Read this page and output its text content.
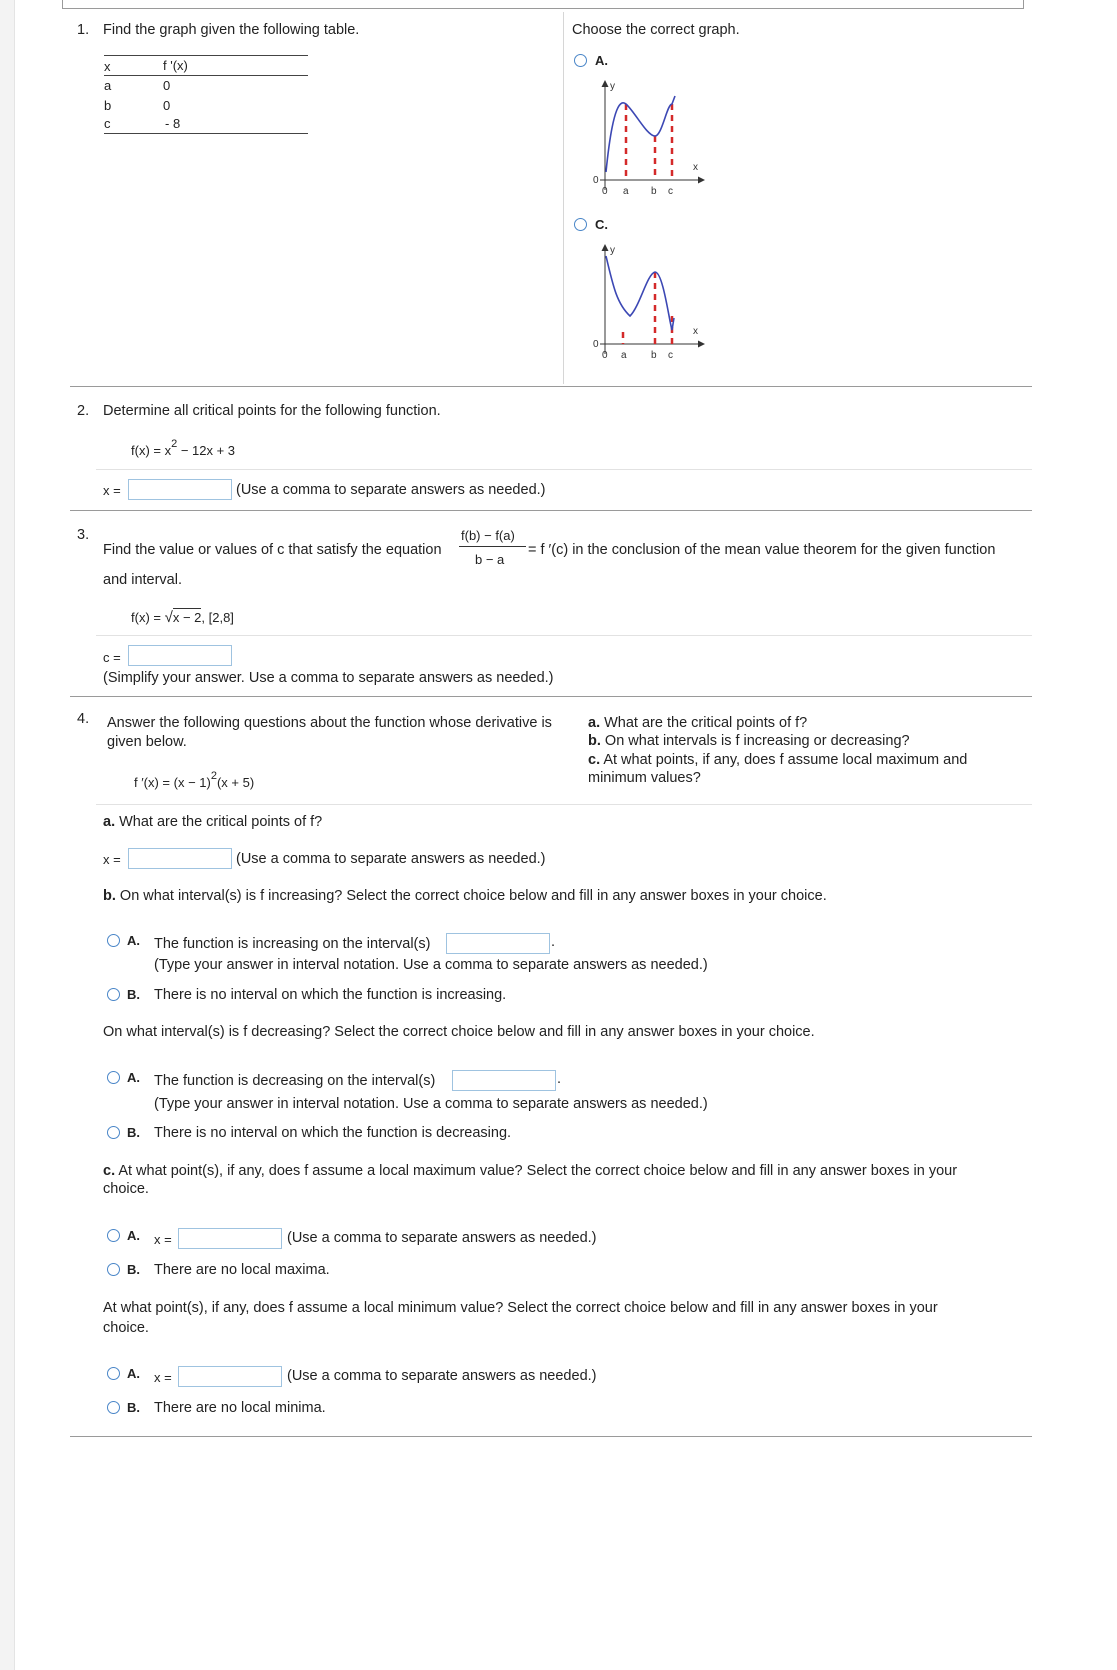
1. Find the graph given the following table.
x	f '(x)
a	0
b	0
c	- 8
Choose the correct graph.
A.
y
x
0
0 a b c
C.
y
x
0
0 a b c
2. Determine all critical points for the following function.
$f(x) = x^2 - 12x + 3$
x =	(Use a comma to separate answers as needed.)
3.
Find the value or values of c that satisfy the equation
f(b) − f(a)
b − a
= f ′(c) in the conclusion of the mean value theorem for the given function
and interval.
f(x) = √x − 2, [2,8]
c =
(Simplify your answer. Use a comma to separate answers as needed.)
4. Answer the following questions about the function whose derivative is
given below.
f $'(x) = (x - 1)^2(x + 5)$
a. What are the critical points of f?
b. On what intervals is f increasing or decreasing?
c. At what points, if any, does f assume local maximum and
minimum values?
a. What are the critical points of f?
x =	(Use a comma to separate answers as needed.)
b. On what interval(s) is f increasing? Select the correct choice below and fill in any answer boxes in your choice.
A. The function is increasing on the interval(s)	.
(Type your answer in interval notation. Use a comma to separate answers as needed.)
B. There is no interval on which the function is increasing.
On what interval(s) is f decreasing? Select the correct choice below and fill in any answer boxes in your choice.
A. The function is decreasing on the interval(s)	.
(Type your answer in interval notation. Use a comma to separate answers as needed.)
B. There is no interval on which the function is decreasing.
c. At what point(s), if any, does f assume a local maximum value? Select the correct choice below and fill in any answer boxes in your
choice.
A. x =	(Use a comma to separate answers as needed.)
B. There are no local maxima.
At what point(s), if any, does f assume a local minimum value? Select the correct choice below and fill in any answer boxes in your
choice.
A. x =	(Use a comma to separate answers as needed.)
B. There are no local minima.
